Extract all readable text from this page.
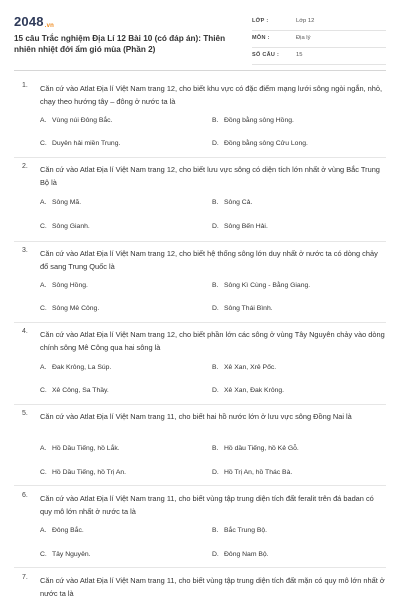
2048.vn
15 câu Trắc nghiệm Địa Lí 12 Bài 10 (có đáp án): Thiên nhiên nhiệt đới ẩm gió mùa (Phần 2)
LỚP :	Lớp 12
MÔN :	Địa lý
SỐ CÂU :	15
1. Căn cứ vào Atlat Địa lí Việt Nam trang 12, cho biết khu vực có đặc điểm mạng lưới sông ngòi ngắn, nhỏ, chạy theo hướng tây – đông ở nước ta là
A. Vùng núi Đông Bắc.	B. Đồng bằng sông Hồng.
C. Duyên hải miền Trung.	D. Đồng bằng sông Cửu Long.
2. Căn cứ vào Atlat Địa lí Việt Nam trang 12, cho biết lưu vực sông có diện tích lớn nhất ở vùng Bắc Trung Bộ là
A. Sông Mã.	B. Sông Cả.
C. Sông Gianh.	D. Sông Bến Hải.
3. Căn cứ vào Atlat Địa lí Việt Nam trang 12, cho biết hệ thống sông lớn duy nhất ở nước ta có dòng chảy đổ sang Trung Quốc là
A. Sông Hồng.	B. Sông Kì Cùng - Bằng Giang.
C. Sông Mê Công.	D. Sông Thái Bình.
4. Căn cứ vào Atlat Địa lí Việt Nam trang 12, cho biết phần lớn các sông ở vùng Tây Nguyên chảy vào dòng chính sông Mê Công qua hai sông là
A. Đak Krông, La Súp.	B. Xê Xan, Xrê Pốc.
C. Xê Công, Sa Thầy.	D. Xê Xan, Đak Krông.
5. Căn cứ vào Atlat Địa lí Việt Nam trang 11, cho biết hai hồ nước lớn ở lưu vực sông Đồng Nai là
A. Hồ Dầu Tiếng, hồ Lắk.	B. Hồ dầu Tiếng, hồ Kẻ Gỗ.
C. Hồ Dầu Tiếng, hồ Trị An.	D. Hồ Trị An, hồ Thác Bà.
6. Căn cứ vào Atlat Địa lí Việt Nam trang 11, cho biết vùng tập trung diện tích đất feralit trên đá badan có quy mô lớn nhất ở nước ta là
A. Đông Bắc.	B. Bắc Trung Bộ.
C. Tây Nguyên.	D. Đông Nam Bộ.
7. Căn cứ vào Atlat Địa lí Việt Nam trang 11, cho biết vùng tập trung diện tích đất mặn có quy mô lớn nhất ở nước ta là
